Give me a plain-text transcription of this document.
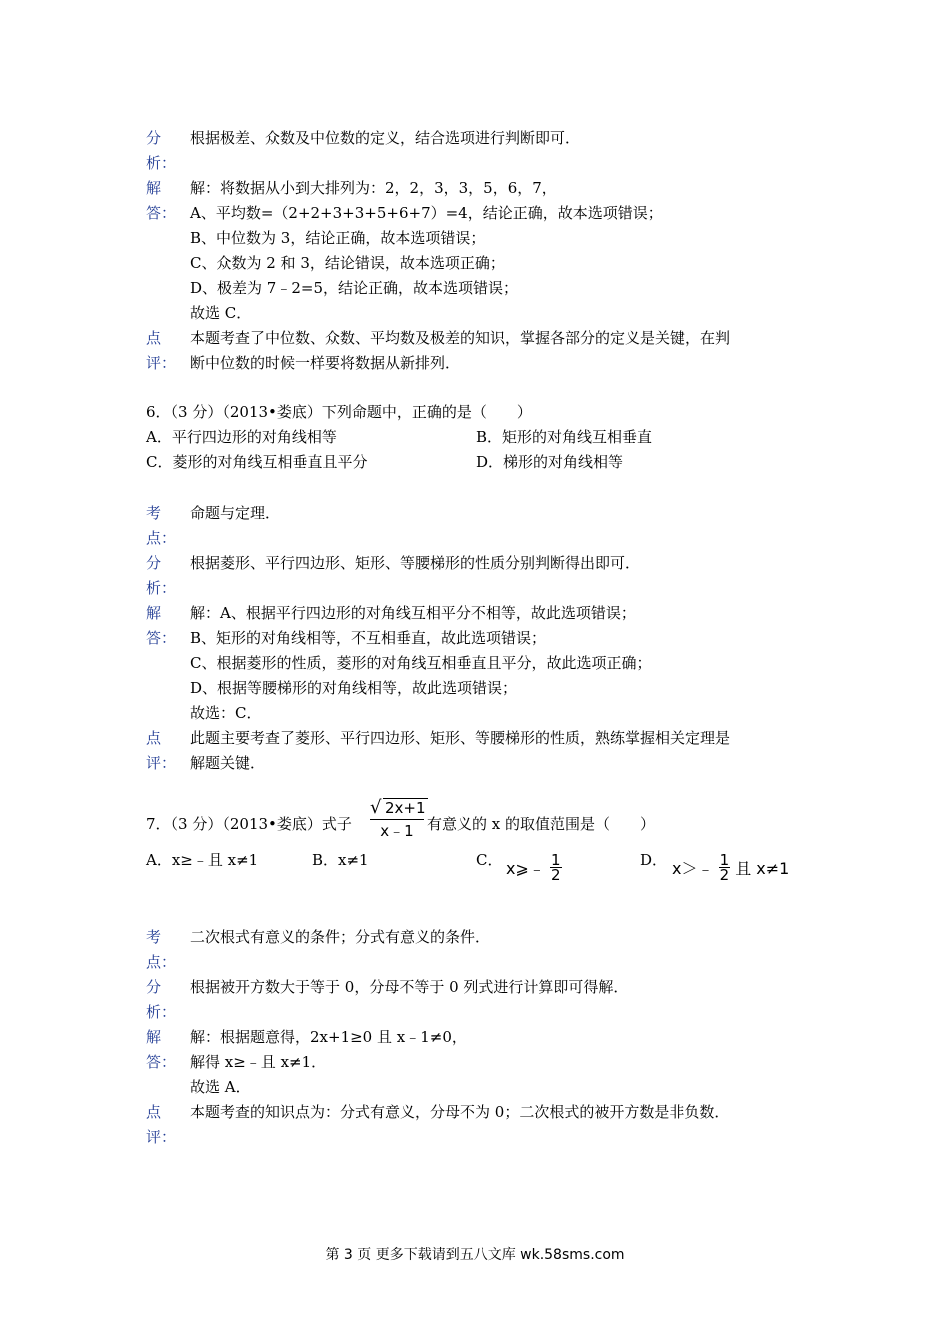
分
析：
根据极差、众数及中位数的定义，结合选项进行判断即可．
解
答：
解：将数据从小到大排列为：2，2，3，3，5，6，7，
A、平均数=（2+2+3+3+5+6+7）=4，结论正确，故本选项错误；
B、中位数为 3，结论正确，故本选项错误；
C、众数为 2 和 3，结论错误，故本选项正确；
D、极差为 7﹣2=5，结论正确，故本选项错误；
故选 C．
点
评：
本题考查了中位数、众数、平均数及极差的知识，掌握各部分的定义是关键，在判
断中位数的时候一样要将数据从新排列．
6．（3 分）（2013•娄底）下列命题中，正确的是（　　）
A．平行四边形的对角线相等	B．矩形的对角线互相垂直
C．菱形的对角线互相垂直且平分	D．梯形的对角线相等
考
点：
命题与定理．
分
析：
根据菱形、平行四边形、矩形、等腰梯形的性质分别判断得出即可．
解
答：
解：A、根据平行四边形的对角线互相平分不相等，故此选项错误；
B、矩形的对角线相等，不互相垂直，故此选项错误；
C、根据菱形的性质，菱形的对角线互相垂直且平分，故此选项正确；
D、根据等腰梯形的对角线相等，故此选项错误；
故选：C．
点
评：
此题主要考查了菱形、平行四边形、矩形、等腰梯形的性质，熟练掌握相关定理是
解题关键．
7．（3 分）（2013•娄底）式子
√ 2x+1
x﹣1 有意义的 x 的取值范围是（　　）
A．x≥﹣且 x≠1	B．x≠1	C． x⩾﹣ $\frac{1}{2}$	D． x＞﹣ $\frac{1}{2}$ 且 x≠1
考
点：
二次根式有意义的条件；分式有意义的条件．
分
析：
根据被开方数大于等于 0，分母不等于 0 列式进行计算即可得解．
解
答：
解：根据题意得，2x+1≥0 且 x﹣1≠0，
解得 x≥﹣且 x≠1．
故选 A．
点
评：
本题考查的知识点为：分式有意义，分母不为 0；二次根式的被开方数是非负数．
第 3 页 更多下载请到五八文库 wk.58sms.com
